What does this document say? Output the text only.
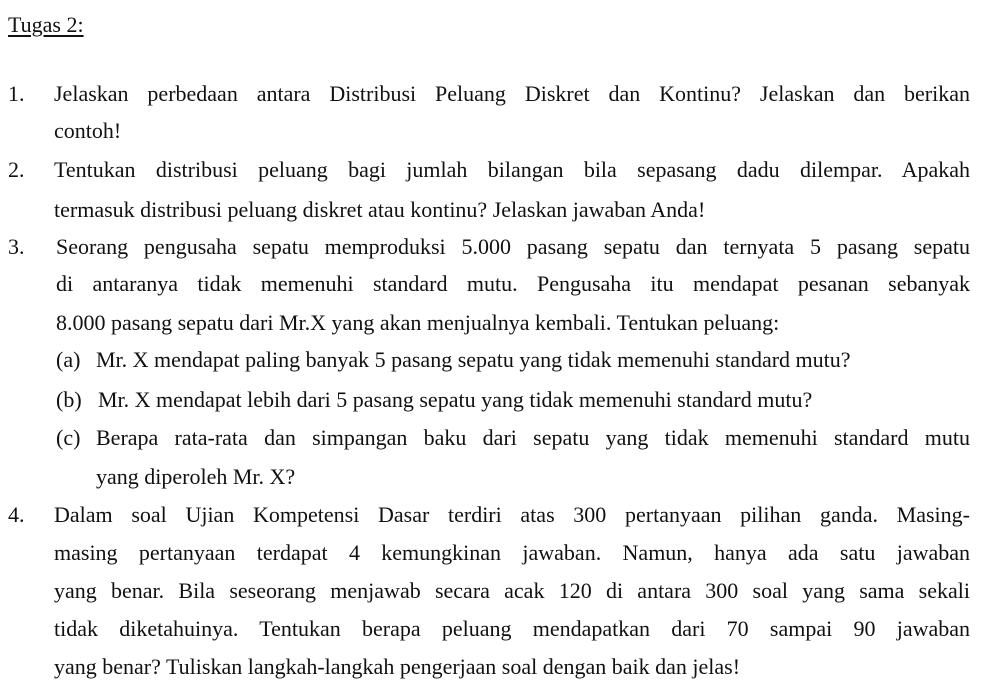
Tugas 2:
1. Jelaskan perbedaan antara Distribusi Peluang Diskret dan Kontinu? Jelaskan dan berikan
contoh!
2. Tentukan distribusi peluang bagi jumlah bilangan bila sepasang dadu dilempar. Apakah
termasuk distribusi peluang diskret atau kontinu? Jelaskan jawaban Anda!
3. Seorang pengusaha sepatu memproduksi 5.000 pasang sepatu dan ternyata 5 pasang sepatu
di antaranya tidak memenuhi standard mutu. Pengusaha itu mendapat pesanan sebanyak
8.000 pasang sepatu dari Mr.X yang akan menjualnya kembali. Tentukan peluang:
(a) Mr. X mendapat paling banyak 5 pasang sepatu yang tidak memenuhi standard mutu?
(b) Mr. X mendapat lebih dari 5 pasang sepatu yang tidak memenuhi standard mutu?
(c) Berapa rata-rata dan simpangan baku dari sepatu yang tidak memenuhi standard mutu
yang diperoleh Mr. X?
4. Dalam soal Ujian Kompetensi Dasar terdiri atas 300 pertanyaan pilihan ganda. Masing-
masing pertanyaan terdapat 4 kemungkinan jawaban. Namun, hanya ada satu jawaban
yang benar. Bila seseorang menjawab secara acak 120 di antara 300 soal yang sama sekali
tidak diketahuinya. Tentukan berapa peluang mendapatkan dari 70 sampai 90 jawaban
yang benar? Tuliskan langkah-langkah pengerjaan soal dengan baik dan jelas!
